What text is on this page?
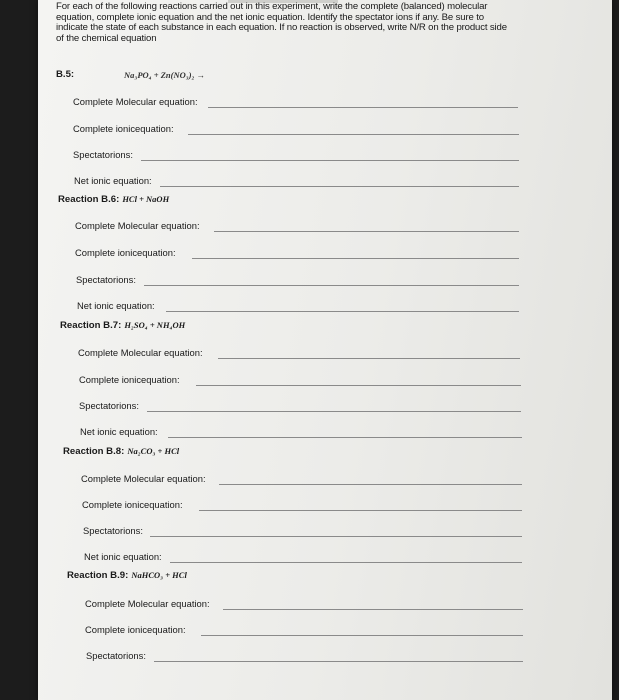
For each of the following reactions carried out in this experiment, write the complete (balanced) molecular

equation, complete ionic equation and the net ionic equation. Identify the spectator ions if any. Be sure to

indicate the state of each substance in each equation. If no reaction is observed, write N/R on the product side

of the chemical equation

B.5:	Na₃PO₄ + Zn(NO₃)₂ →
Complete Molecular equation:
Complete ionicequation:
Spectatorions:
Net ionic equation:
Reaction B.6: HCl + NaOH
Complete Molecular equation:
Complete ionicequation:
Spectatorions:
Net ionic equation:
Reaction B.7: H₂SO₄ + NH₄OH
Complete Molecular equation:
Complete ionicequation:
Spectatorions:
Net ionic equation:
Reaction B.8: Na₂CO₃ + HCl
Complete Molecular equation:
Complete ionicequation:
Spectatorions:
Net ionic equation:
Reaction B.9: NaHCO₃ + HCl
Complete Molecular equation:
Complete ionicequation:
Spectatorions:
